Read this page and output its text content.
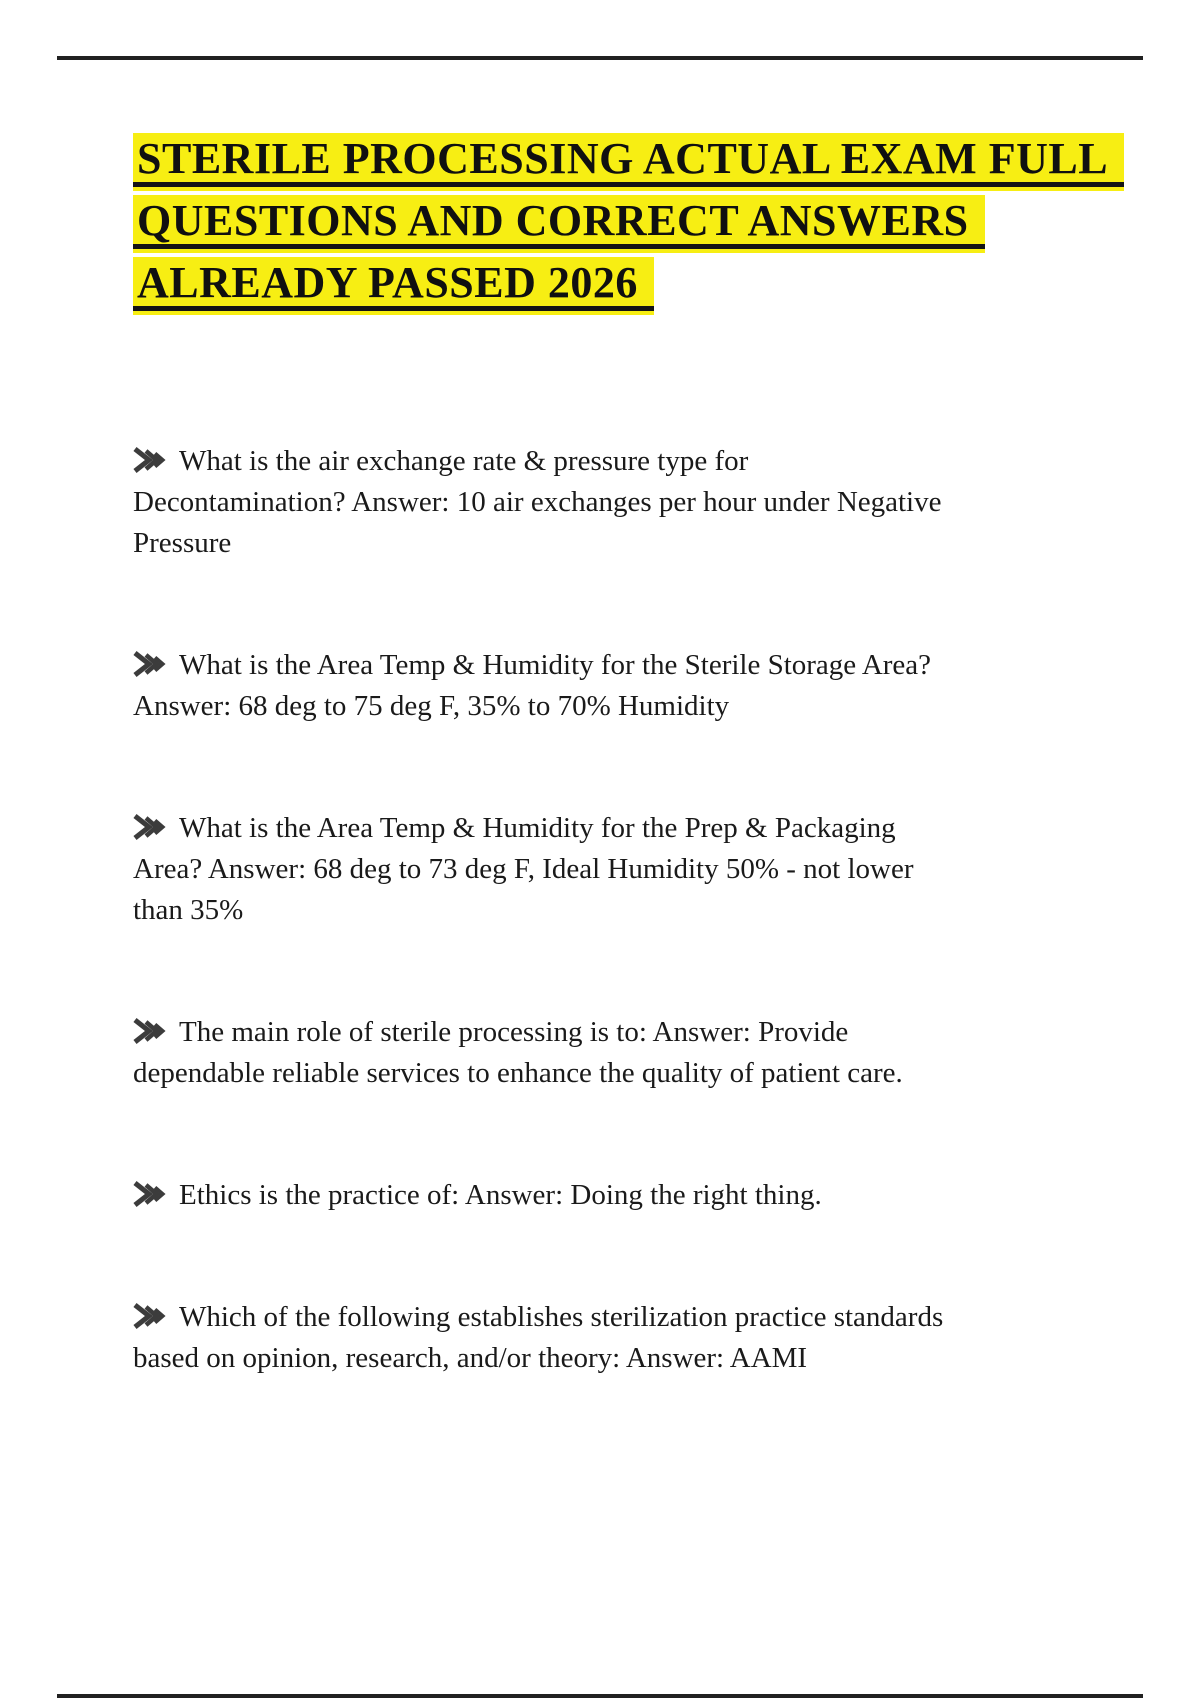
STERILE PROCESSING ACTUAL EXAM FULL
QUESTIONS AND CORRECT ANSWERS
ALREADY PASSED 2026
What is the air exchange rate & pressure type for
Decontamination? Answer: 10 air exchanges per hour under Negative
Pressure
What is the Area Temp & Humidity for the Sterile Storage Area?
Answer: 68 deg to 75 deg F, 35% to 70% Humidity
What is the Area Temp & Humidity for the Prep & Packaging
Area? Answer: 68 deg to 73 deg F, Ideal Humidity 50% - not lower
than 35%
The main role of sterile processing is to: Answer: Provide
dependable reliable services to enhance the quality of patient care.
Ethics is the practice of: Answer: Doing the right thing.
Which of the following establishes sterilization practice standards
based on opinion, research, and/or theory: Answer: AAMI
